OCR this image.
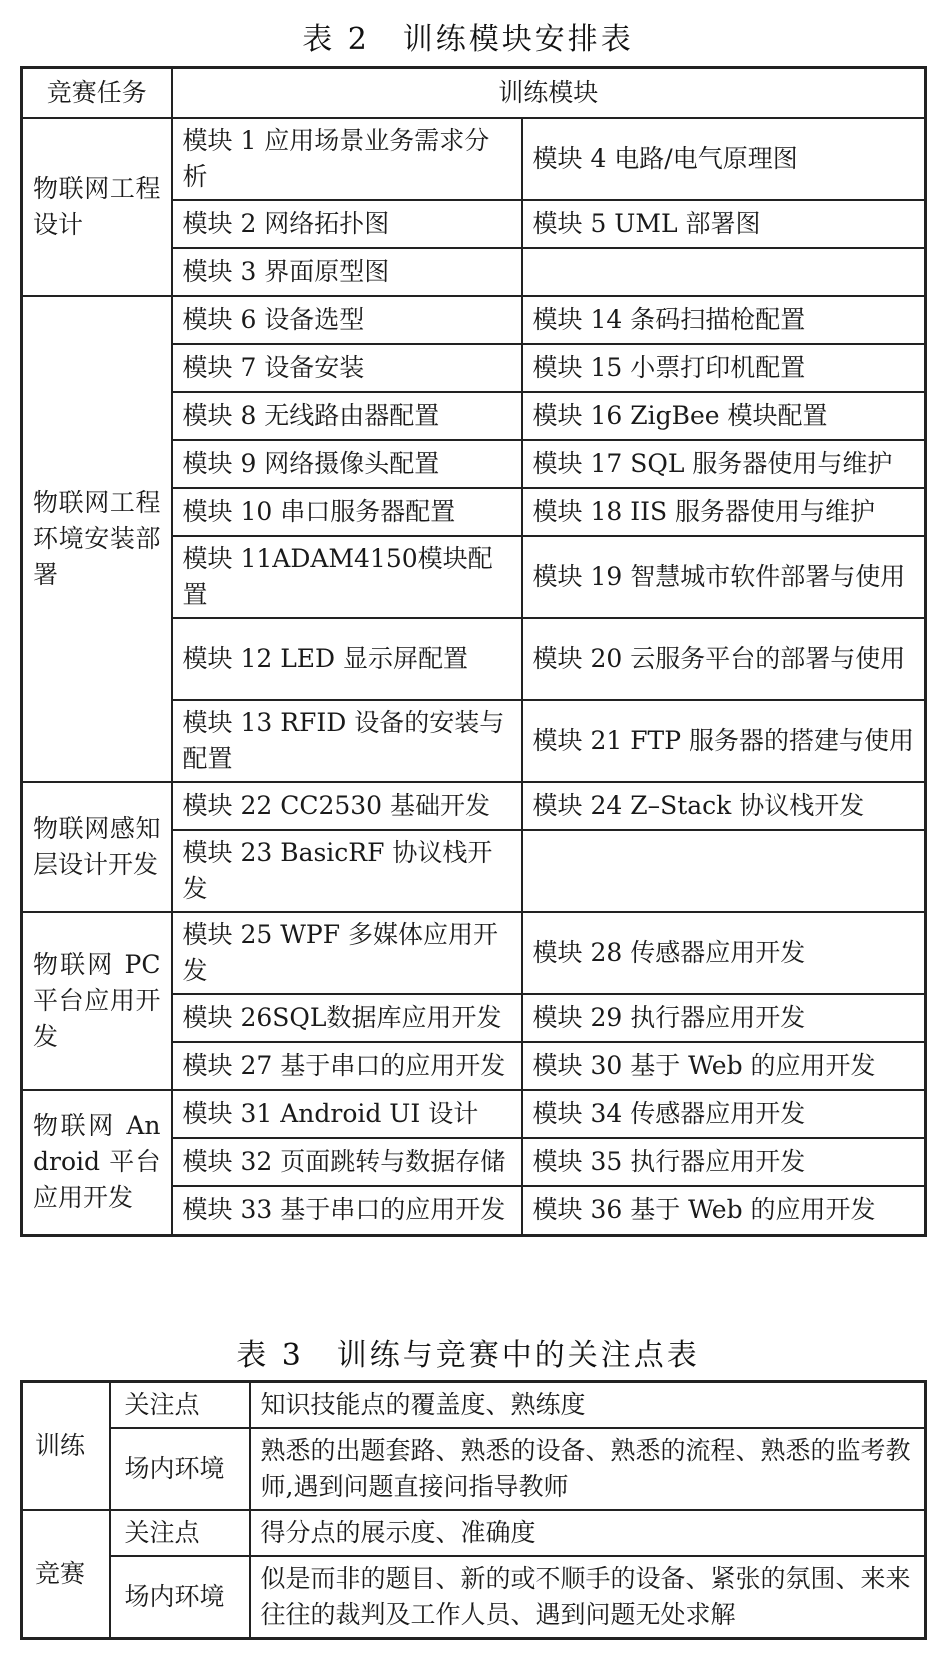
表 2　训练模块安排表
竞赛任务	训练模块	
物联网工程设计	模块 1 应用场景业务需求分析	模块 4 电路/电气原理图
	模块 2 网络拓扑图	模块 5 UML 部署图
	模块 3 界面原型图	
物联网工程环境安装部署	模块 6 设备选型	模块 14 条码扫描枪配置
	模块 7 设备安装	模块 15 小票打印机配置
	模块 8 无线路由器配置	模块 16 ZigBee 模块配置
	模块 9 网络摄像头配置	模块 17 SQL 服务器使用与维护
	模块 10 串口服务器配置	模块 18 IIS 服务器使用与维护
	模块 11ADAM4150模块配置	模块 19 智慧城市软件部署与使用
	模块 12 LED 显示屏配置	模块 20 云服务平台的部署与使用
	模块 13 RFID 设备的安装与配置	模块 21 FTP 服务器的搭建与使用
物联网感知层设计开发	模块 22 CC2530 基础开发	模块 24 Z–Stack 协议栈开发
	模块 23 BasicRF 协议栈开发	
物联网 PC 平台应用开发	模块 25 WPF 多媒体应用开发	模块 28 传感器应用开发
	模块 26SQL数据库应用开发	模块 29 执行器应用开发
	模块 27 基于串口的应用开发	模块 30 基于 Web 的应用开发
物联网 Android 平台应用开发	模块 31 Android UI 设计	模块 34 传感器应用开发
	模块 32 页面跳转与数据存储	模块 35 执行器应用开发
	模块 33 基于串口的应用开发	模块 36 基于 Web 的应用开发
表 3　训练与竞赛中的关注点表
训练	关注点	知识技能点的覆盖度、熟练度
	场内环境	熟悉的出题套路、熟悉的设备、熟悉的流程、熟悉的监考教师,遇到问题直接问指导教师
竞赛	关注点	得分点的展示度、准确度
	场内环境	似是而非的题目、新的或不顺手的设备、紧张的氛围、来来往往的裁判及工作人员、遇到问题无处求解
